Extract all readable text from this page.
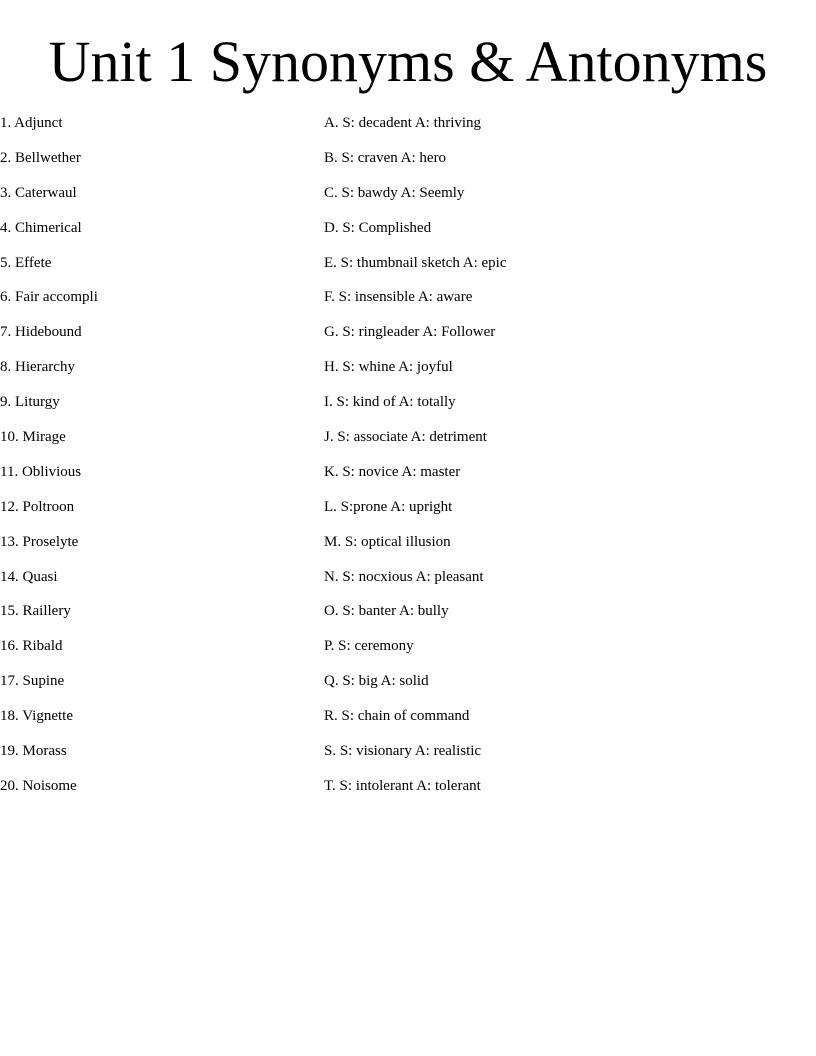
Unit 1 Synonyms & Antonyms
1. Adjunct
2. Bellwether
3. Caterwaul
4. Chimerical
5. Effete
6. Fair accompli
7. Hidebound
8. Hierarchy
9. Liturgy
10. Mirage
11. Oblivious
12. Poltroon
13. Proselyte
14. Quasi
15. Raillery
16. Ribald
17. Supine
18. Vignette
19. Morass
20. Noisome
A. S: decadent A: thriving
B. S: craven A: hero
C. S: bawdy A: Seemly
D. S: Complished
E. S: thumbnail sketch A: epic
F. S: insensible A: aware
G. S: ringleader A: Follower
H. S: whine A: joyful
I. S: kind of A: totally
J. S: associate A: detriment
K. S: novice A: master
L. S:prone A: upright
M. S: optical illusion
N. S: nocxious A: pleasant
O. S: banter A: bully
P. S: ceremony
Q. S: big A: solid
R. S: chain of command
S. S: visionary A: realistic
T. S: intolerant A: tolerant
